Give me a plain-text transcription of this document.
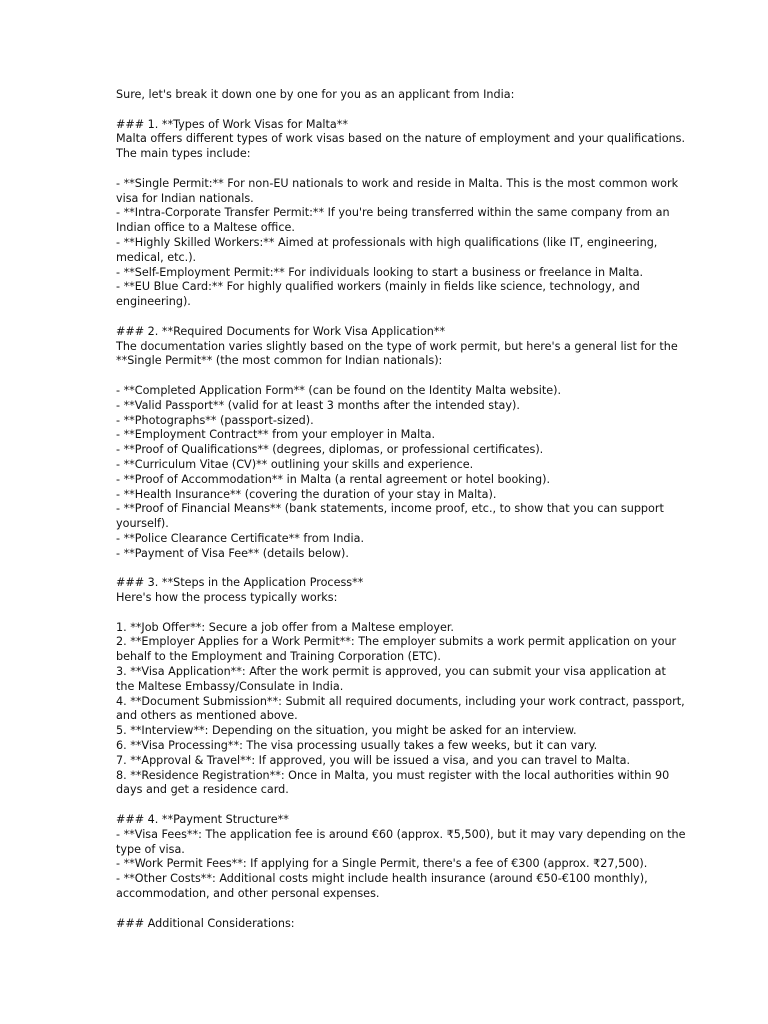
Sure, let's break it down one by one for you as an applicant from India:
### 1. **Types of Work Visas for Malta**
Malta offers different types of work visas based on the nature of employment and your qualifications.
The main types include:
- **Single Permit:** For non-EU nationals to work and reside in Malta. This is the most common work
visa for Indian nationals.
- **Intra-Corporate Transfer Permit:** If you're being transferred within the same company from an
Indian office to a Maltese office.
- **Highly Skilled Workers:** Aimed at professionals with high qualifications (like IT, engineering,
medical, etc.).
- **Self-Employment Permit:** For individuals looking to start a business or freelance in Malta.
- **EU Blue Card:** For highly qualified workers (mainly in fields like science, technology, and
engineering).
### 2. **Required Documents for Work Visa Application**
The documentation varies slightly based on the type of work permit, but here's a general list for the
**Single Permit** (the most common for Indian nationals):
- **Completed Application Form** (can be found on the Identity Malta website).
- **Valid Passport** (valid for at least 3 months after the intended stay).
- **Photographs** (passport-sized).
- **Employment Contract** from your employer in Malta.
- **Proof of Qualifications** (degrees, diplomas, or professional certificates).
- **Curriculum Vitae (CV)** outlining your skills and experience.
- **Proof of Accommodation** in Malta (a rental agreement or hotel booking).
- **Health Insurance** (covering the duration of your stay in Malta).
- **Proof of Financial Means** (bank statements, income proof, etc., to show that you can support
yourself).
- **Police Clearance Certificate** from India.
- **Payment of Visa Fee** (details below).
### 3. **Steps in the Application Process**
Here's how the process typically works:
1. **Job Offer**: Secure a job offer from a Maltese employer.
2. **Employer Applies for a Work Permit**: The employer submits a work permit application on your
behalf to the Employment and Training Corporation (ETC).
3. **Visa Application**: After the work permit is approved, you can submit your visa application at
the Maltese Embassy/Consulate in India.
4. **Document Submission**: Submit all required documents, including your work contract, passport,
and others as mentioned above.
5. **Interview**: Depending on the situation, you might be asked for an interview.
6. **Visa Processing**: The visa processing usually takes a few weeks, but it can vary.
7. **Approval & Travel**: If approved, you will be issued a visa, and you can travel to Malta.
8. **Residence Registration**: Once in Malta, you must register with the local authorities within 90
days and get a residence card.
### 4. **Payment Structure**
- **Visa Fees**: The application fee is around €60 (approx. ₹5,500), but it may vary depending on the
type of visa.
- **Work Permit Fees**: If applying for a Single Permit, there's a fee of €300 (approx. ₹27,500).
- **Other Costs**: Additional costs might include health insurance (around €50-€100 monthly),
accommodation, and other personal expenses.
### Additional Considerations:
